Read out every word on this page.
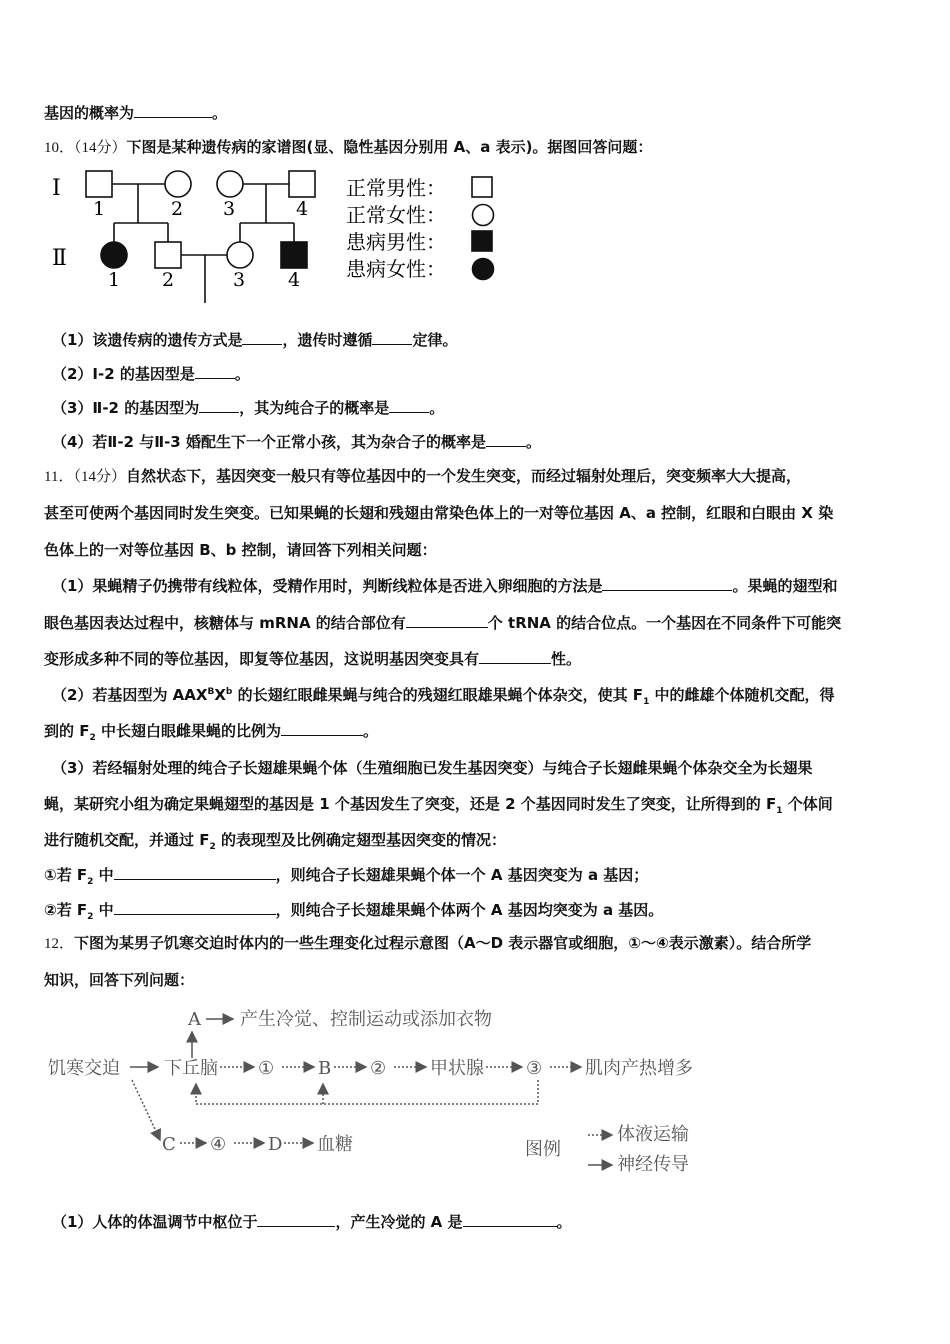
基因的概率为	。
10．（14分）下图是某种遗传病的家谱图(显、隐性基因分别用 A、a 表示)。据图回答问题：
Ⅰ
Ⅱ
1	2 3	4
1 2	3 4
正常男性：
正常女性：
患病男性：
患病女性：
（1）该遗传病的遗传方式是	，遗传时遵循	定律。
（2）Ⅰ-2 的基因型是	。
（3）Ⅱ-2 的基因型为	，其为纯合子的概率是	。
（4）若Ⅱ-2 与Ⅱ-3 婚配生下一个正常小孩，其为杂合子的概率是	。
11．（14分）自然状态下，基因突变一般只有等位基因中的一个发生突变，而经过辐射处理后，突变频率大大提高，
甚至可使两个基因同时发生突变。已知果蝇的长翅和残翅由常染色体上的一对等位基因 A、a 控制，红眼和白眼由 X 染
色体上的一对等位基因 B、b 控制，请回答下列相关问题：
（1）果蝇精子仍携带有线粒体，受精作用时，判断线粒体是否进入卵细胞的方法是	。果蝇的翅型和
眼色基因表达过程中，核糖体与 mRNA 的结合部位有	个 tRNA 的结合位点。一个基因在不同条件下可能突
变形成多种不同的等位基因，即复等位基因，这说明基因突变具有	性。
（2）若基因型为 $AAX^BX^b$ 的长翅红眼雌果蝇与纯合的残翅红眼雄果蝇个体杂交，使其 $F_1$ 中的雌雄个体随机交配，得
到的 $F_2$ 中长翅白眼雌果蝇的比例为	。
（3）若经辐射处理的纯合子长翅雄果蝇个体（生殖细胞已发生基因突变）与纯合子长翅雌果蝇个体杂交全为长翅果
蝇，某研究小组为确定果蝇翅型的基因是 1 个基因发生了突变，还是 2 个基因同时发生了突变，让所得到的 $F_1$ 个体间
进行随机交配，并通过 $F_2$ 的表现型及比例确定翅型基因突变的情况：
①若 $F_2$ 中	，则纯合子长翅雄果蝇个体一个 A 基因突变为 a 基因；
②若 $F_2$ 中	，则纯合子长翅雄果蝇个体两个 A 基因均突变为 a 基因。
12．下图为某男子饥寒交迫时体内的一些生理变化过程示意图（A～D 表示器官或细胞，①～④表示激素）。结合所学
知识，回答下列问题：
A 产生冷觉、控制运动或添加衣物
饥寒交迫 下丘脑 ① B ② 甲状腺 ③ 肌肉产热增多
C ④ D 血糖	图例
体液运输
神经传导
（1）人体的体温调节中枢位于	，产生冷觉的 A 是	。
